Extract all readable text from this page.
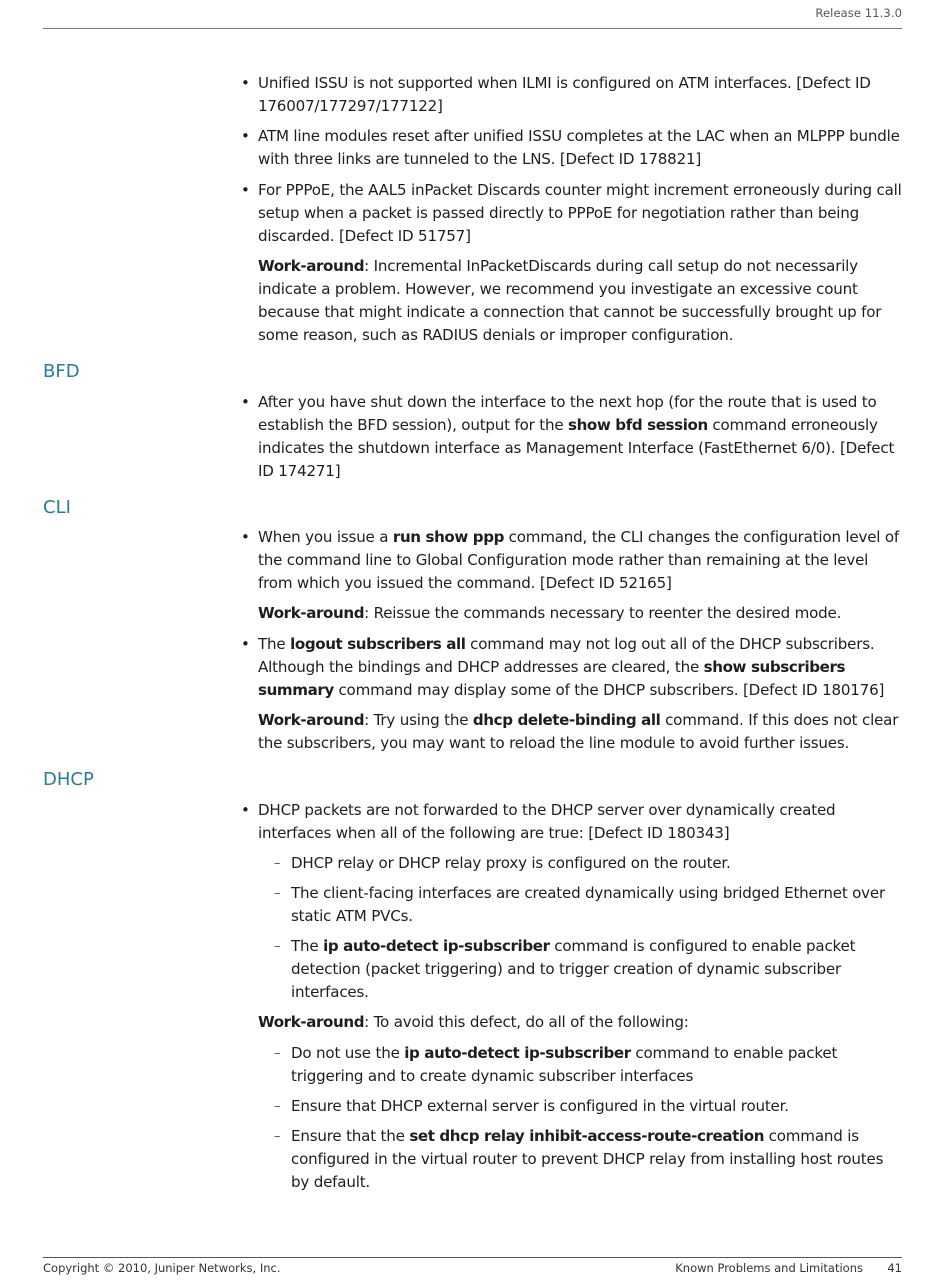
Release 11.3.0
• Unified ISSU is not supported when ILMI is configured on ATM interfaces. [Defect ID 176007/177297/177122]
• ATM line modules reset after unified ISSU completes at the LAC when an MLPPP bundle with three links are tunneled to the LNS. [Defect ID 178821]
• For PPPoE, the AAL5 inPacket Discards counter might increment erroneously during call setup when a packet is passed directly to PPPoE for negotiation rather than being discarded. [Defect ID 51757]
Work-around: Incremental InPacketDiscards during call setup do not necessarily indicate a problem. However, we recommend you investigate an excessive count because that might indicate a connection that cannot be successfully brought up for some reason, such as RADIUS denials or improper configuration.
BFD
• After you have shut down the interface to the next hop (for the route that is used to establish the BFD session), output for the show bfd session command erroneously indicates the shutdown interface as Management Interface (FastEthernet 6/0). [Defect ID 174271]
CLI
• When you issue a run show ppp command, the CLI changes the configuration level of the command line to Global Configuration mode rather than remaining at the level from which you issued the command. [Defect ID 52165]
Work-around: Reissue the commands necessary to reenter the desired mode.
• The logout subscribers all command may not log out all of the DHCP subscribers. Although the bindings and DHCP addresses are cleared, the show subscribers summary command may display some of the DHCP subscribers. [Defect ID 180176]
Work-around: Try using the dhcp delete-binding all command. If this does not clear the subscribers, you may want to reload the line module to avoid further issues.
DHCP
• DHCP packets are not forwarded to the DHCP server over dynamically created interfaces when all of the following are true: [Defect ID 180343]
– DHCP relay or DHCP relay proxy is configured on the router.
– The client-facing interfaces are created dynamically using bridged Ethernet over static ATM PVCs.
– The ip auto-detect ip-subscriber command is configured to enable packet detection (packet triggering) and to trigger creation of dynamic subscriber interfaces.
Work-around: To avoid this defect, do all of the following:
– Do not use the ip auto-detect ip-subscriber command to enable packet triggering and to create dynamic subscriber interfaces
– Ensure that DHCP external server is configured in the virtual router.
– Ensure that the set dhcp relay inhibit-access-route-creation command is configured in the virtual router to prevent DHCP relay from installing host routes by default.
Copyright © 2010, Juniper Networks, Inc.	Known Problems and Limitations 41
